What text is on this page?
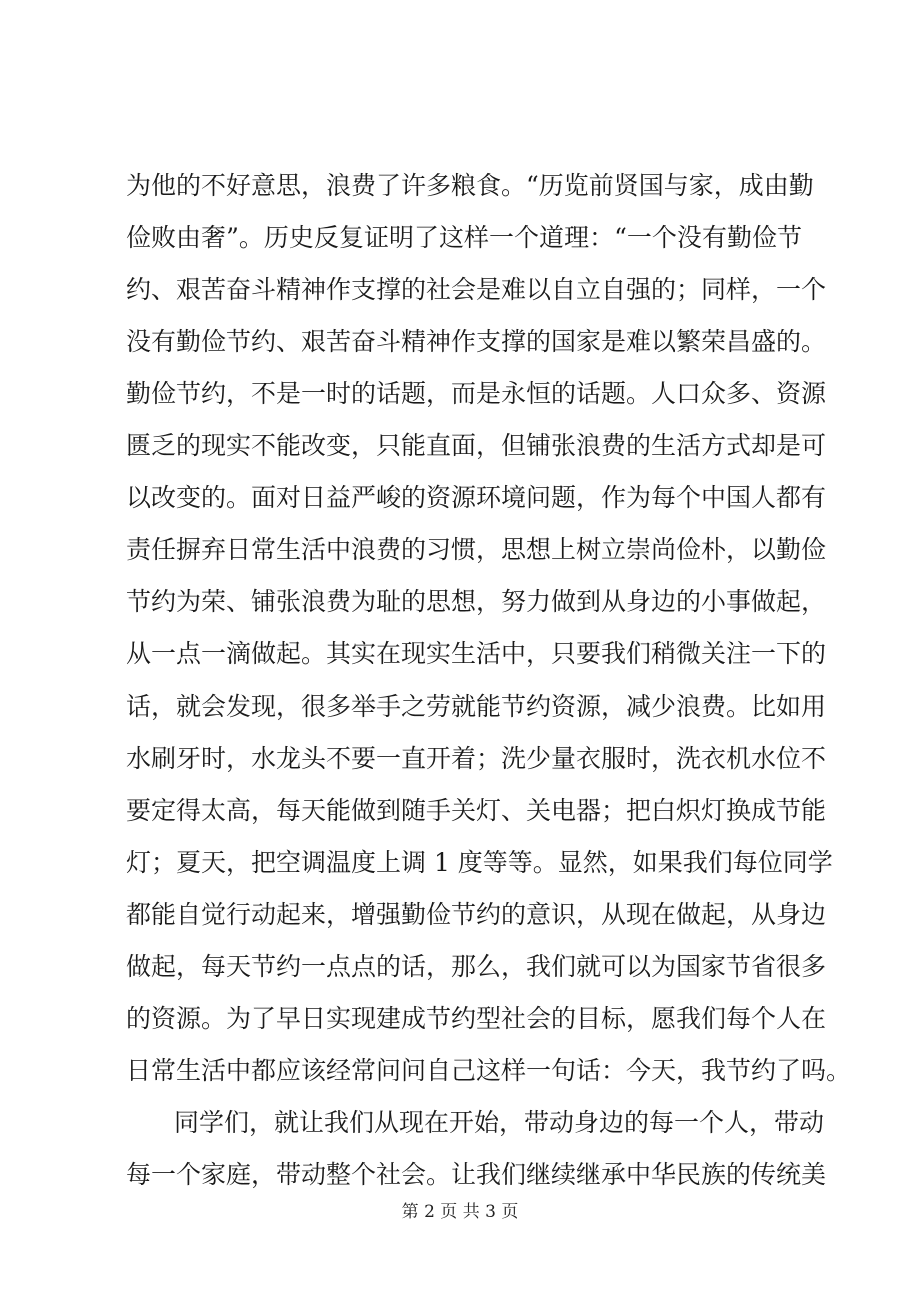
为他的不好意思，浪费了许多粮食。“历览前贤国与家，成由勤
俭败由奢”。历史反复证明了这样一个道理：“一个没有勤俭节
约、艰苦奋斗精神作支撑的社会是难以自立自强的；同样，一个
没有勤俭节约、艰苦奋斗精神作支撑的国家是难以繁荣昌盛的。
勤俭节约，不是一时的话题，而是永恒的话题。人口众多、资源
匮乏的现实不能改变，只能直面，但铺张浪费的生活方式却是可
以改变的。面对日益严峻的资源环境问题，作为每个中国人都有
责任摒弃日常生活中浪费的习惯，思想上树立崇尚俭朴，以勤俭
节约为荣、铺张浪费为耻的思想，努力做到从身边的小事做起，
从一点一滴做起。其实在现实生活中，只要我们稍微关注一下的
话，就会发现，很多举手之劳就能节约资源，减少浪费。比如用
水刷牙时，水龙头不要一直开着；洗少量衣服时，洗衣机水位不
要定得太高，每天能做到随手关灯、关电器；把白炽灯换成节能
灯；夏天，把空调温度上调 1 度等等。显然，如果我们每位同学
都能自觉行动起来，增强勤俭节约的意识，从现在做起，从身边
做起，每天节约一点点的话，那么，我们就可以为国家节省很多
的资源。为了早日实现建成节约型社会的目标，愿我们每个人在
日常生活中都应该经常问问自己这样一句话：今天，我节约了吗。
同学们，就让我们从现在开始，带动身边的每一个人，带动
第 2 页 共 3 页
每一个家庭，带动整个社会。让我们继续继承中华民族的传统美
